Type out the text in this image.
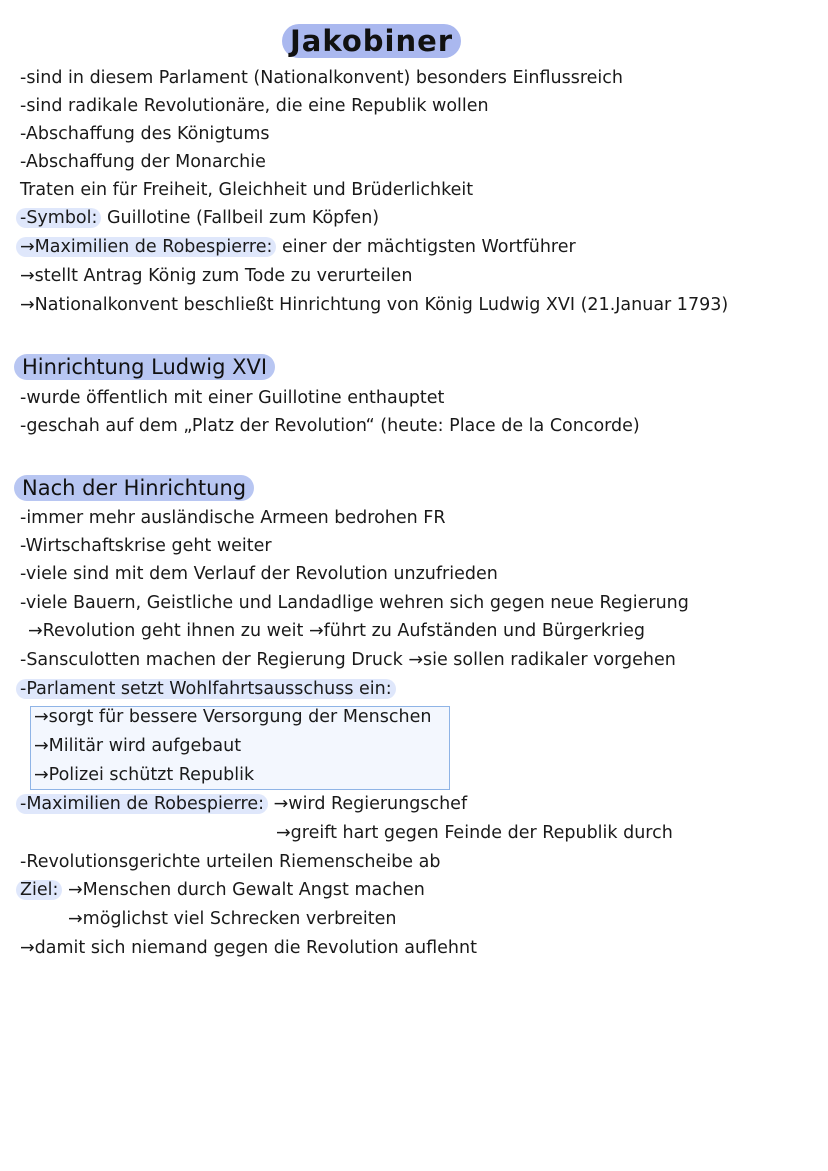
Jakobiner
-sind in diesem Parlament (Nationalkonvent) besonders Einflussreich
-sind radikale Revolutionäre, die eine Republik wollen
-Abschaffung des Königtums
-Abschaffung der Monarchie
Traten ein für Freiheit, Gleichheit und Brüderlichkeit
-Symbol: Guillotine (Fallbeil zum Köpfen)
→Maximilien de Robespierre: einer der mächtigsten Wortführer
→stellt Antrag König zum Tode zu verurteilen
→Nationalkonvent beschließt Hinrichtung von König Ludwig XVI (21.Januar 1793)
Hinrichtung Ludwig XVI
-wurde öffentlich mit einer Guillotine enthauptet
-geschah auf dem „Platz der Revolution“ (heute: Place de la Concorde)
Nach der Hinrichtung
-immer mehr ausländische Armeen bedrohen FR
-Wirtschaftskrise geht weiter
-viele sind mit dem Verlauf der Revolution unzufrieden
-viele Bauern, Geistliche und Landadlige wehren sich gegen neue Regierung
→Revolution geht ihnen zu weit →führt zu Aufständen und Bürgerkrieg
-Sansculotten machen der Regierung Druck →sie sollen radikaler vorgehen
-Parlament setzt Wohlfahrtsausschuss ein:
→sorgt für bessere Versorgung der Menschen
→Militär wird aufgebaut
→Polizei schützt Republik
-Maximilien de Robespierre: →wird Regierungschef
→greift hart gegen Feinde der Republik durch
-Revolutionsgerichte urteilen Riemenscheibe ab
Ziel: →Menschen durch Gewalt Angst machen
→möglichst viel Schrecken verbreiten
→damit sich niemand gegen die Revolution auflehnt
